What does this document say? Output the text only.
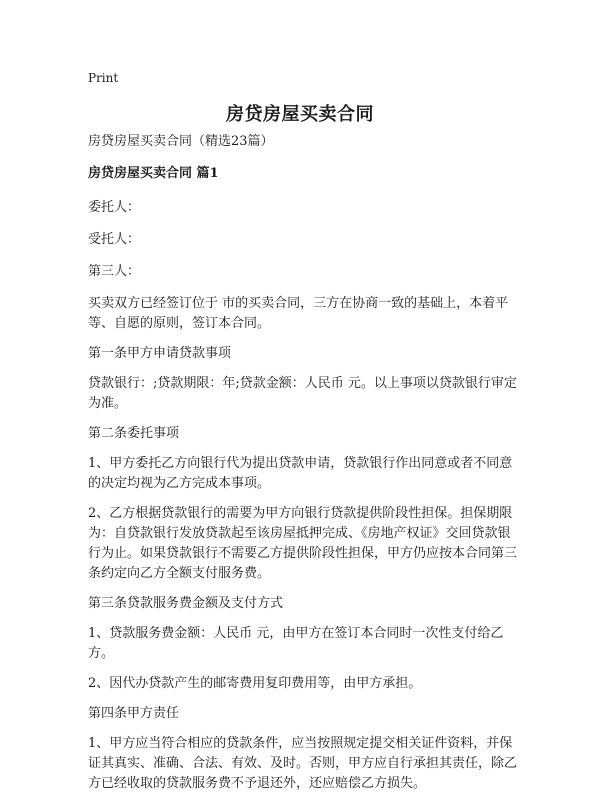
Print
房贷房屋买卖合同

房贷房屋买卖合同（精选23篇）

房贷房屋买卖合同 篇1

委托人：

受托人：

第三人：

买卖双方已经签订位于 市的买卖合同，三方在协商一致的基础上，本着平等、自愿的原则，签订本合同。

第一条甲方申请贷款事项

贷款银行：;贷款期限：年;贷款金额：人民币 元。以上事项以贷款银行审定为准。

第二条委托事项

1、甲方委托乙方向银行代为提出贷款申请，贷款银行作出同意或者不同意的决定均视为乙方完成本事项。

2、乙方根据贷款银行的需要为甲方向银行贷款提供阶段性担保。担保期限为：自贷款银行发放贷款起至该房屋抵押完成、《房地产权证》交回贷款银行为止。如果贷款银行不需要乙方提供阶段性担保，甲方仍应按本合同第三条约定向乙方全额支付服务费。

第三条贷款服务费金额及支付方式

1、贷款服务费金额：人民币 元，由甲方在签订本合同时一次性支付给乙方。

2、因代办贷款产生的邮寄费用复印费用等，由甲方承担。

第四条甲方责任

1、甲方应当符合相应的贷款条件，应当按照规定提交相关证件资料，并保证其真实、准确、合法、有效、及时。否则，甲方应自行承担其责任，除乙方已经收取的贷款服务费不予退还外，还应赔偿乙方损失。
